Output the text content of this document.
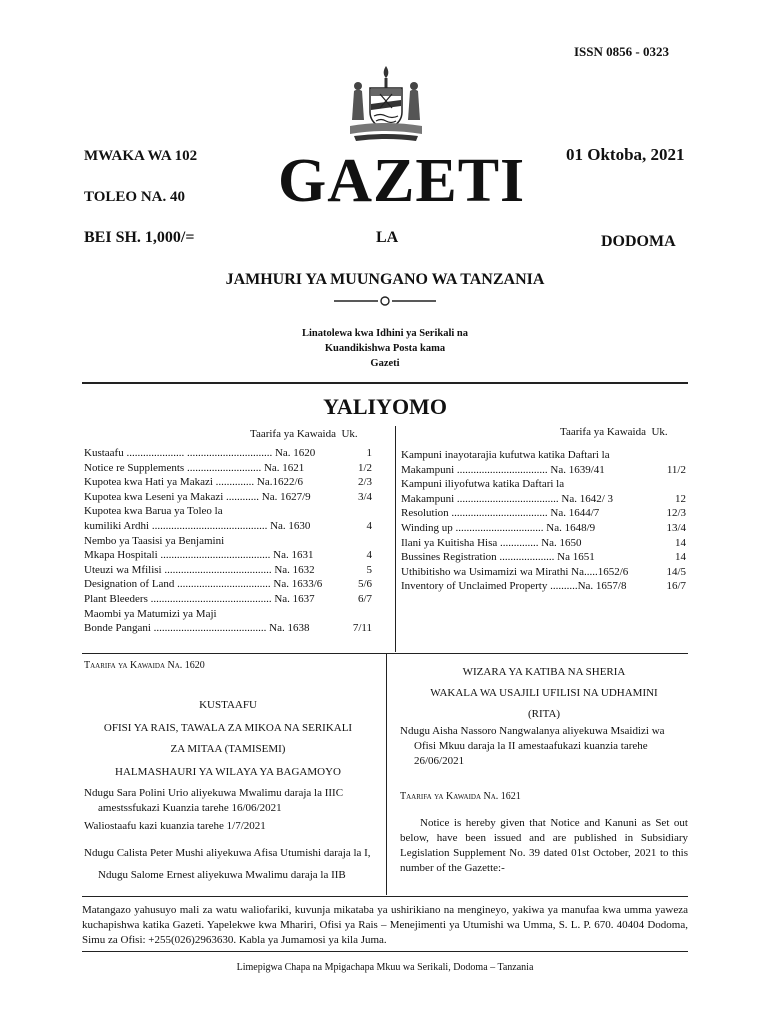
ISSN 0856 - 0323
MWAKA WA 102	01 Oktoba, 2021
GAZETI
TOLEO NA. 40
BEI SH. 1,000/=	LA	DODOMA
JAMHURI YA MUUNGANO WA TANZANIA
Linatolewa kwa Idhini ya Serikali na
Kuandikishwa Posta kama
Gazeti
YALIYOMO
Taarifa ya Kawaida Uk.	Taarifa ya Kawaida Uk.
Kustaafu ..................... ............................... Na. 1620	1
Notice re Supplements ........................... Na. 1621	1/2
Kupotea kwa Hati ya Makazi .............. Na.1622/6	2/3
Kupotea kwa Leseni ya Makazi ............ Na. 1627/9	3/4
Kupotea kwa Barua ya Toleo la
kumiliki Ardhi .......................................... Na. 1630	4
Nembo ya Taasisi ya Benjamini
Mkapa Hospitali ........................................ Na. 1631	4
Uteuzi wa Mfilisi ....................................... Na. 1632	5
Designation of Land .................................. Na. 1633/6	5/6
Plant Bleeders ............................................ Na. 1637	6/7
Maombi ya Matumizi ya Maji
Bonde Pangani ......................................... Na. 1638	7/11
Kampuni inayotarajia kufutwa katika Daftari la
Makampuni ................................. Na. 1639/41	11/2
Kampuni iliyofutwa katika Daftari la
Makampuni ..................................... Na. 1642/ 3	12
Resolution ................................... Na. 1644/7	12/3
Winding up ................................ Na. 1648/9	13/4
Ilani ya Kuitisha Hisa .............. Na. 1650	14
Bussines Registration .................... Na 1651	14
Uthibitisho wa Usimamizi wa Mirathi Na.....1652/6	14/5
Inventory of Unclaimed Property ..........Na. 1657/8	16/7
Taarifa ya Kawaida Na. 1620
KUSTAAFU
OFISI YA RAIS, TAWALA ZA MIKOA NA SERIKALI
ZA MITAA (TAMISEMI)
HALMASHAURI YA WILAYA YA BAGAMOYO
Ndugu Sara Polini Urio aliyekuwa Mwalimu daraja la IIIC amestssfukazi Kuanzia tarehe 16/06/2021
Waliostaafu kazi kuanzia tarehe 1/7/2021
Ndugu Calista Peter Mushi aliyekuwa Afisa Utumishi daraja la I, Ndugu Salome Ernest aliyekuwa Mwalimu daraja la IIB
WIZARA YA KATIBA NA SHERIA
WAKALA WA USAJILI UFILISI NA UDHAMINI
(RITA)
Ndugu Aisha Nassoro Nangwalanya aliyekuwa Msaidizi wa Ofisi Mkuu daraja la II amestaafukazi kuanzia tarehe 26/06/2021
Taarifa ya Kawaida Na. 1621
Notice is hereby given that Notice and Kanuni as Set out below, have been issued and are published in Subsidiary Legislation Supplement No. 39 dated 01st October, 2021 to this number of the Gazette:-
Matangazo yahusuyo mali za watu waliofariki, kuvunja mikataba ya ushirikiano na mengineyo, yakiwa ya manufaa kwa umma yaweza kuchapishwa katika Gazeti. Yapelekwe kwa Mhariri, Ofisi ya Rais – Menejimenti ya Utumishi wa Umma, S. L. P. 670. 40404 Dodoma, Simu za Ofisi: +255(026)2963630. Kabla ya Jumamosi ya kila Juma.
Limepigwa Chapa na Mpigachapa Mkuu wa Serikali, Dodoma – Tanzania
